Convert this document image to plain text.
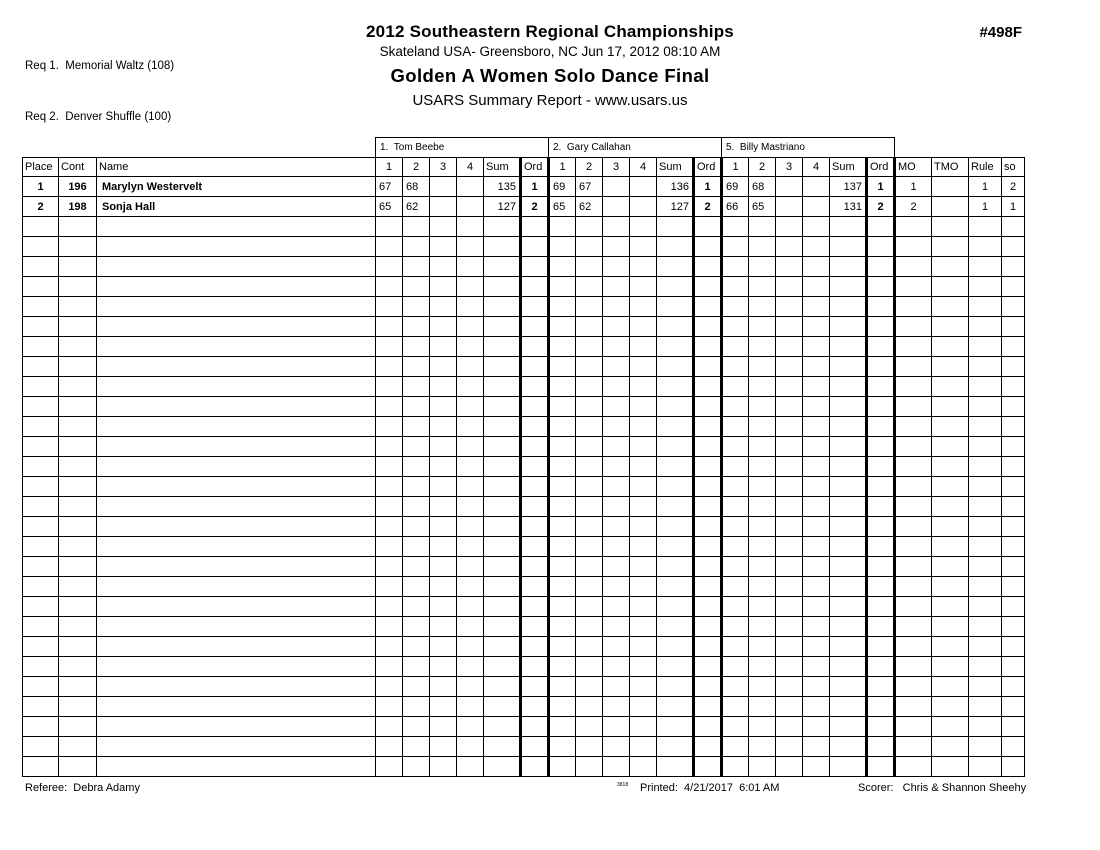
Req 1.  Memorial Waltz (108)

Req 2.  Denver Shuffle (100)

#498F
2012 Southeastern Regional Championships
Skateland USA- Greensboro, NC Jun 17, 2012 08:10 AM
Golden A Women Solo Dance Final
USARS Summary Report - www.usars.us
			1.  Tom Beebe						2.  Gary Callahan						5.  Billy Mastriano									
Place	Cont	Name	1	2	3	4	Sum	Ord	1	2	3	4	Sum	Ord	1	2	3	4	Sum	Ord	MO	TMO	Rule	so
1	196	Marylyn Westervelt	67	68			135	1	69	67			136	1	69	68			137	1	1		1	2
2	198	Sonja Hall	65	62			127	2	65	62			127	2	66	65			131	2	2		1	1

Referee:  Debra Adamy	3818 Printed:  4/21/2017  6:01 AM	Scorer:   Chris & Shannon Sheehy
